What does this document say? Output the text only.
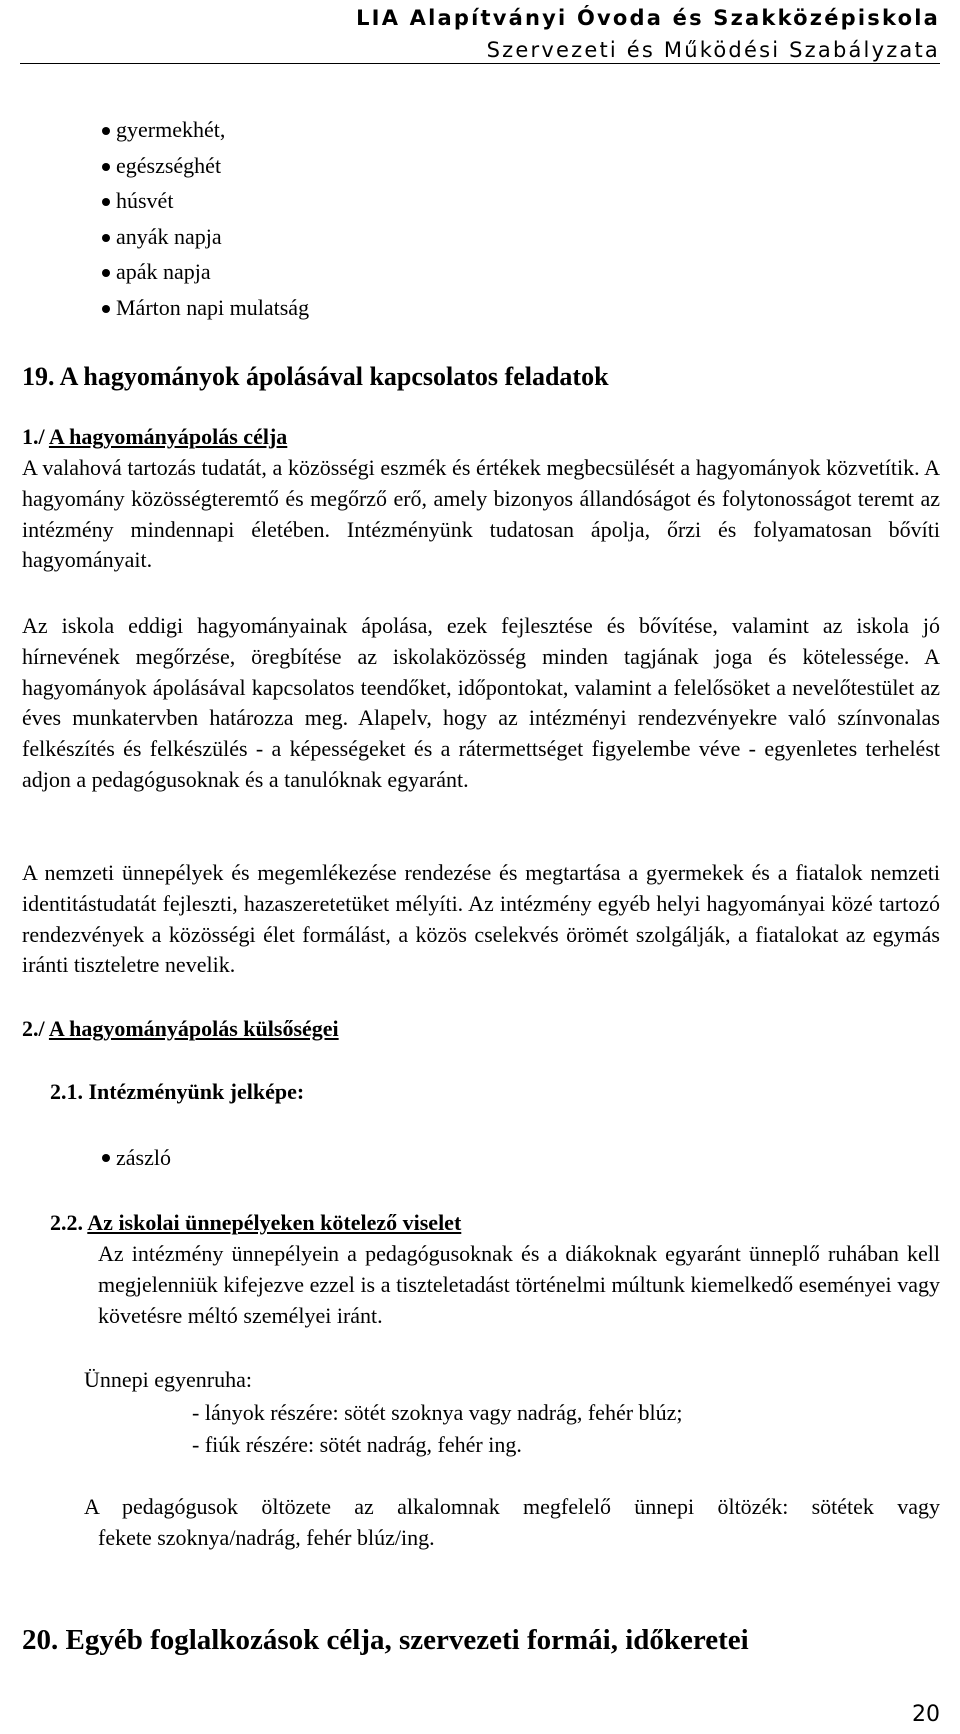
LIA Alapítványi Óvoda és Szakközépiskola
Szervezeti és Működési Szabályzata
gyermekhét,
egészséghét
húsvét
anyák napja
apák napja
Márton napi mulatság
19. A hagyományok ápolásával kapcsolatos feladatok
1./ A hagyományápolás célja

A valahová tartozás tudatát, a közösségi eszmék és értékek megbecsülését a hagyományok közvetítik. A hagyomány közösségteremtő és megőrző erő, amely bizonyos állandóságot és folytonosságot teremt az intézmény mindennapi életében. Intézményünk tudatosan ápolja, őrzi és folyamatosan bővíti hagyományait.

Az iskola eddigi hagyományainak ápolása, ezek fejlesztése és bővítése, valamint az iskola jó hírnevének megőrzése, öregbítése az iskolaközösség minden tagjának joga és kötelessége. A hagyományok ápolásával kapcsolatos teendőket, időpontokat, valamint a felelősöket a nevelőtestület az éves munkatervben határozza meg. Alapelv, hogy az intézményi rendezvényekre való színvonalas felkészítés és felkészülés - a képességeket és a rátermettséget figyelembe véve - egyenletes terhelést adjon a pedagógusoknak és a tanulóknak egyaránt.

A nemzeti ünnepélyek és megemlékezése rendezése és megtartása a gyermekek és a fiatalok nemzeti identitástudatát fejleszti, hazaszeretetüket mélyíti. Az intézmény egyéb helyi hagyományai közé tartozó rendezvények a közösségi élet formálást, a közös cselekvés örömét szolgálják, a fiatalokat az egymás iránti tiszteletre nevelik.

2./ A hagyományápolás külsőségei
2.1. Intézményünk jelképe:
zászló
2.2. Az iskolai ünnepélyeken kötelező viselet

Az intézmény ünnepélyein a pedagógusoknak és a diákoknak egyaránt ünneplő ruhában kell megjelenniük kifejezve ezzel is a tiszteletadást történelmi múltunk kiemelkedő eseményei vagy követésre méltó személyei iránt.

Ünnepi egyenruha:
- lányok részére: sötét szoknya vagy nadrág, fehér blúz;
- fiúk részére: sötét nadrág, fehér ing.
A pedagógusok öltözete az alkalomnak megfelelő ünnepi öltözék: sötétek vagy
fekete szoknya/nadrág, fehér blúz/ing.
20. Egyéb foglalkozások célja, szervezeti formái, időkeretei
20
